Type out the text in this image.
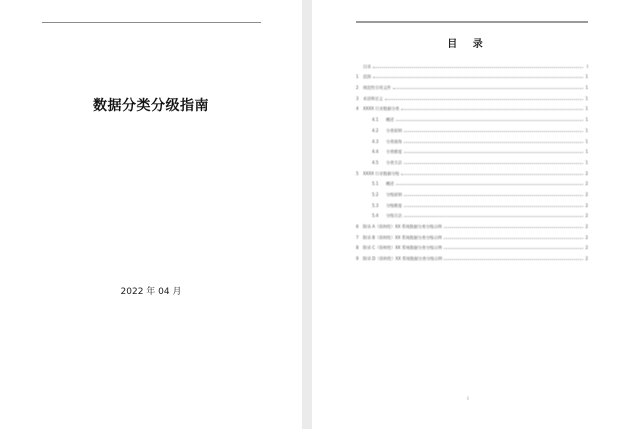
数据分类分级指南
2022 年 04 月
目 录
目录	I
1	范围	1
2	规范性引用文件	1
3	术语和定义	1
4	XXXX 行业数据分类	1
4.1	概述	1
4.2	分类原则	1
4.3	分类视角	1
4.4	分类维度	1
4.5	分类方法	1
5	XXXX 行业数据分级	2
5.1	概述	2
5.2	分级原则	2
5.3	分级维度	2
5.4	分级方法	2
6	附录 A（资料性）XX 系统数据分类分级示例	2
7	附录 B（资料性）XX 系统数据分类分级示例	2
8	附录 C（资料性）XX 系统数据分类分级示例	2
9	附录 D（资料性）XX 系统数据分类分级示例	2
I
